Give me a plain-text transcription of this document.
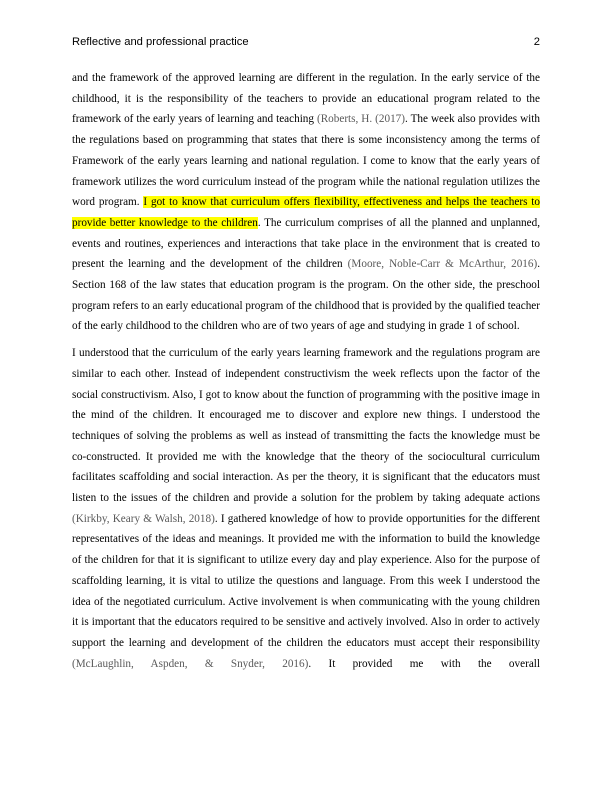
Reflective and professional practice	2

and the framework of the approved learning are different in the regulation. In the early service of the childhood, it is the responsibility of the teachers to provide an educational program related to the framework of the early years of learning and teaching (Roberts, H. (2017). The week also provides with the regulations based on programming that states that there is some inconsistency among the terms of Framework of the early years learning and national regulation. I come to know that the early years of framework utilizes the word curriculum instead of the program while the national regulation utilizes the word program. I got to know that curriculum offers flexibility, effectiveness and helps the teachers to provide better knowledge to the children. The curriculum comprises of all the planned and unplanned, events and routines, experiences and interactions that take place in the environment that is created to present the learning and the development of the children (Moore, Noble-Carr & McArthur, 2016). Section 168 of the law states that education program is the program. On the other side, the preschool program refers to an early educational program of the childhood that is provided by the qualified teacher of the early childhood to the children who are of two years of age and studying in grade 1 of school.

I understood that the curriculum of the early years learning framework and the regulations program are similar to each other. Instead of independent constructivism the week reflects upon the factor of the social constructivism. Also, I got to know about the function of programming with the positive image in the mind of the children. It encouraged me to discover and explore new things. I understood the techniques of solving the problems as well as instead of transmitting the facts the knowledge must be co-constructed. It provided me with the knowledge that the theory of the sociocultural curriculum facilitates scaffolding and social interaction. As per the theory, it is significant that the educators must listen to the issues of the children and provide a solution for the problem by taking adequate actions (Kirkby, Keary & Walsh, 2018). I gathered knowledge of how to provide opportunities for the different representatives of the ideas and meanings. It provided me with the information to build the knowledge of the children for that it is significant to utilize every day and play experience. Also for the purpose of scaffolding learning, it is vital to utilize the questions and language. From this week I understood the idea of the negotiated curriculum. Active involvement is when communicating with the young children it is important that the educators required to be sensitive and actively involved. Also in order to actively support the learning and development of the children the educators must accept their responsibility (McLaughlin, Aspden, & Snyder, 2016). It provided me with the overall
